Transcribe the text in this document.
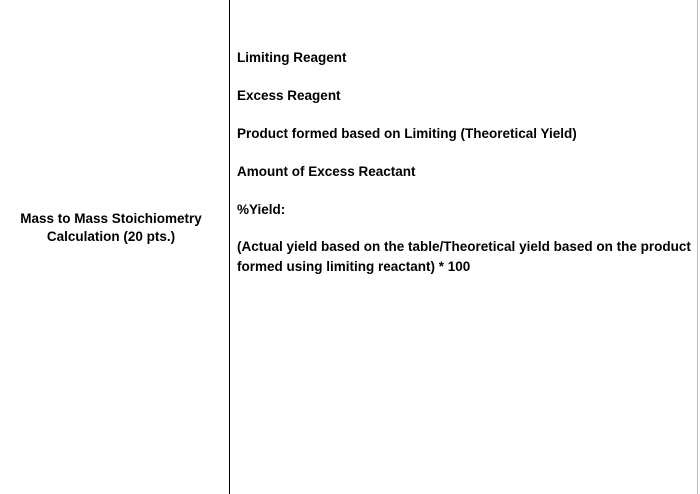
Mass to Mass Stoichiometry
Calculation (20 pts.)
Limiting Reagent
Excess Reagent
Product formed based on Limiting (Theoretical Yield)
Amount of Excess Reactant
%Yield:
(Actual yield based on the table/Theoretical yield based on the product formed using limiting reactant) * 100
